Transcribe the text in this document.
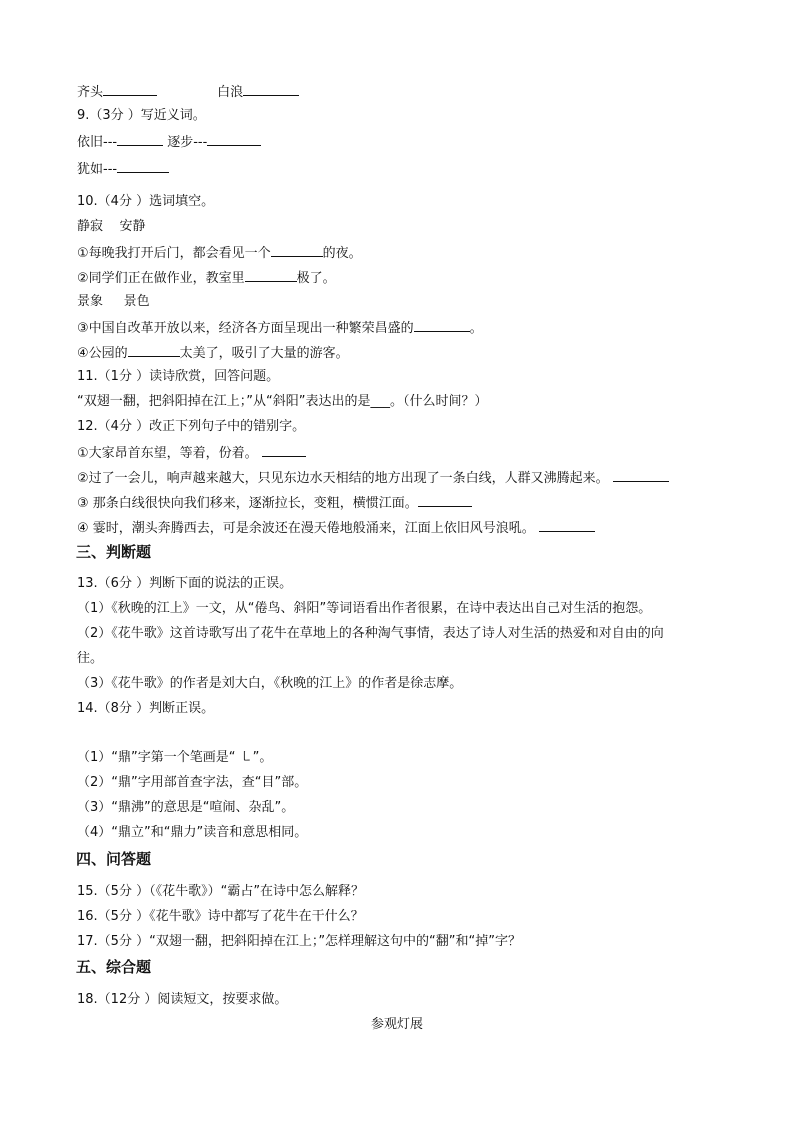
齐头	白浪
9.（3分 ）写近义词。
依旧---	逐步---
犹如---
10.（4分 ）选词填空。
静寂    安静
①每晚我打开后门，都会看见一个	的夜。
②同学们正在做作业，教室里	极了。
景象     景色
③中国自改革开放以来，经济各方面呈现出一种繁荣昌盛的	。
④公园的	太美了，吸引了大量的游客。
11.（1分 ）读诗欣赏，回答问题。
“双翅一翻，把斜阳掉在江上；”从“斜阳”表达出的是___。（什么时间？）
12.（4分 ）改正下列句子中的错别字。
①大家昂首东望，等着，份着。
②过了一会儿，响声越来越大，只见东边水天相结的地方出现了一条白线，人群又沸腾起来。
③ 那条白线很快向我们移来，逐渐拉长，变粗，横惯江面。
④ 霎时，潮头奔腾西去，可是余波还在漫天倦地般涌来，江面上依旧风号浪吼。
三、判断题
13.（6分 ）判断下面的说法的正误。
（1）《秋晚的江上》一文，从“倦鸟、斜阳”等词语看出作者很累，在诗中表达出自己对生活的抱怨。
（2）《花牛歌》这首诗歌写出了花牛在草地上的各种淘气事情，表达了诗人对生活的热爱和对自由的向
往。
（3）《花牛歌》的作者是刘大白，《秋晚的江上》的作者是徐志摩。
14.（8分 ）判断正误。
（1）“鼎”字第一个笔画是“ ㇄”。
（2）“鼎”字用部首查字法，查“目”部。
（3）“鼎沸”的意思是“喧闹、杂乱”。
（4）“鼎立”和“鼎力”读音和意思相同。
四、问答题
15.（5分 ）（《花牛歌》）“霸占”在诗中怎么解释？
16.（5分 ）《花牛歌》诗中都写了花牛在干什么？
17.（5分 ）“双翅一翻，把斜阳掉在江上；”怎样理解这句中的“翻”和“掉”字？
五、综合题
18.（12分 ）阅读短文，按要求做。
参观灯展
